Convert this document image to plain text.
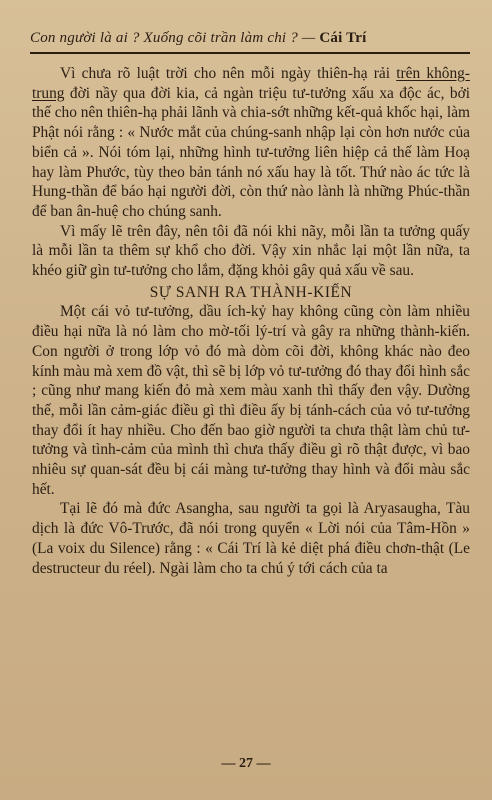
Con người là ai ? Xuống cõi trần làm chi ? — Cái Trí

Vì chưa rõ luật trời cho nên mỗi ngày thiên-hạ rải trên không-trung đời nầy qua đời kia, cả ngàn triệu tư-tưởng xấu xa độc ác, bởi thế cho nên thiên-hạ phải lãnh và chia-sớt những kết-quả khốc hại, làm Phật nói rằng : « Nước mắt của chúng-sanh nhập lại còn hơn nước của biển cả ». Nói tóm lại, những hình tư-tưởng liên hiệp cả thế làm Hoạ hay làm Phước, tùy theo bản tánh nó xấu hay là tốt. Thứ nào ác tức là Hung-thần để báo hại người đời, còn thứ nào lành là những Phúc-thần để ban ân-huệ cho chúng sanh.

Vì mấy lẽ trên đây, nên tôi đã nói khi nãy, mỗi lần ta tưởng quấy là mỗi lần ta thêm sự khổ cho đời. Vậy xin nhắc lại một lần nữa, ta khéo giữ gìn tư-tưởng cho lắm, đặng khỏi gây quả xấu về sau.

SỰ SANH RA THÀNH-KIẾN

Một cái vỏ tư-tưởng, dầu ích-kỷ hay không cũng còn làm nhiều điều hại nữa là nó làm cho mờ-tối lý-trí và gây ra những thành-kiến. Con người ở trong lớp vỏ đó mà dòm cõi đời, không khác nào đeo kính màu mà xem đồ vật, thì sẽ bị lớp vỏ tư-tưởng đó thay đổi hình sắc ; cũng như mang kiến đỏ mà xem màu xanh thì thấy đen vậy. Dường thế, mỗi lần cảm-giác điều gì thì điều ấy bị tánh-cách của vỏ tư-tưởng thay đổi ít hay nhiều. Cho đến bao giờ người ta chưa thật làm chủ tư-tưởng và tình-cảm của mình thì chưa thấy điều gì rõ thật được, vì bao nhiêu sự quan-sát đều bị cái màng tư-tưởng thay hình và đổi màu sắc hết.

Tại lẽ đó mà đức Asangha, sau người ta gọi là Aryasaugha, Tàu dịch là đức Vô-Trước, đã nói trong quyển « Lời nói của Tâm-Hồn » (La voix du Silence) rằng : « Cái Trí là kẻ diệt phá điều chơn-thật (Le destructeur du réel). Ngài làm cho ta chú ý tới cách của ta

— 27 —
